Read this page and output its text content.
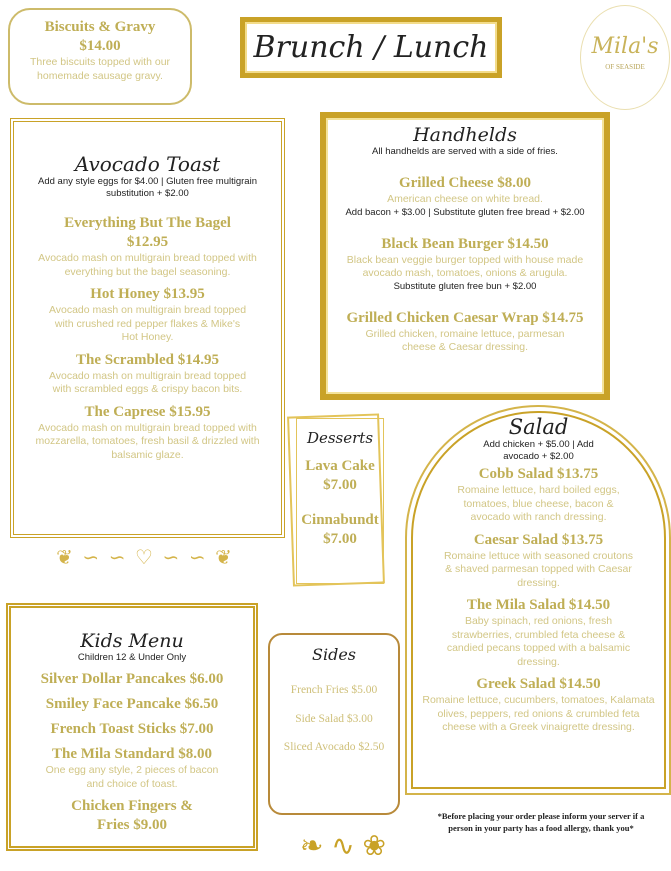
Biscuits & Gravy
$14.00
Three biscuits topped with our homemade sausage gravy.
Brunch / Lunch	Mila's
OF SEASIDE
Avocado Toast
Add any style eggs for $4.00 | Gluten free multigrain substitution + $2.00
Everything But The Bagel $12.95
Avocado mash on multigrain bread topped with everything but the bagel seasoning.
Hot Honey $13.95
Avocado mash on multigrain bread topped with crushed red pepper flakes & Mike's Hot Honey.
The Scrambled $14.95
Avocado mash on multigrain bread topped with scrambled eggs & crispy bacon bits.
The Caprese $15.95
Avocado mash on multigrain bread topped with mozzarella, tomatoes, fresh basil & drizzled with balsamic glaze.
Handhelds
All handhelds are served with a side of fries.
Grilled Cheese $8.00
American cheese on white bread.
Add bacon + $3.00 | Substitute gluten free bread + $2.00
Black Bean Burger $14.50
Black bean veggie burger topped with house made avocado mash, tomatoes, onions & arugula.
Substitute gluten free bun + $2.00
Grilled Chicken Caesar Wrap $14.75
Grilled chicken, romaine lettuce, parmesan cheese & Caesar dressing.
Desserts
Lava Cake
$7.00
Cinnabundt
$7.00
Salad
Add chicken + $5.00 | Add avocado + $2.00
Cobb Salad $13.75
Romaine lettuce, hard boiled eggs, tomatoes, blue cheese, bacon & avocado with ranch dressing.
Caesar Salad $13.75
Romaine lettuce with seasoned croutons & shaved parmesan topped with Caesar dressing.
The Mila Salad $14.50
Baby spinach, red onions, fresh strawberries, crumbled feta cheese & candied pecans topped with a balsamic dressing.
Greek Salad $14.50
Romaine lettuce, cucumbers, tomatoes, Kalamata olives, peppers, red onions & crumbled feta cheese with a Greek vinaigrette dressing.
❦ ∽ ∽ ♡ ∽ ∽ ❦
Kids Menu
Children 12 & Under Only
Silver Dollar Pancakes $6.00
Smiley Face Pancake $6.50
French Toast Sticks $7.00
The Mila Standard $8.00
One egg any style, 2 pieces of bacon and choice of toast.
Chicken Fingers & Fries $9.00
Sides
French Fries $5.00
Side Salad $3.00
Sliced Avocado $2.50
❧ ∿ ❀
*Before placing your order please inform your server if a person in your party has a food allergy, thank you*
